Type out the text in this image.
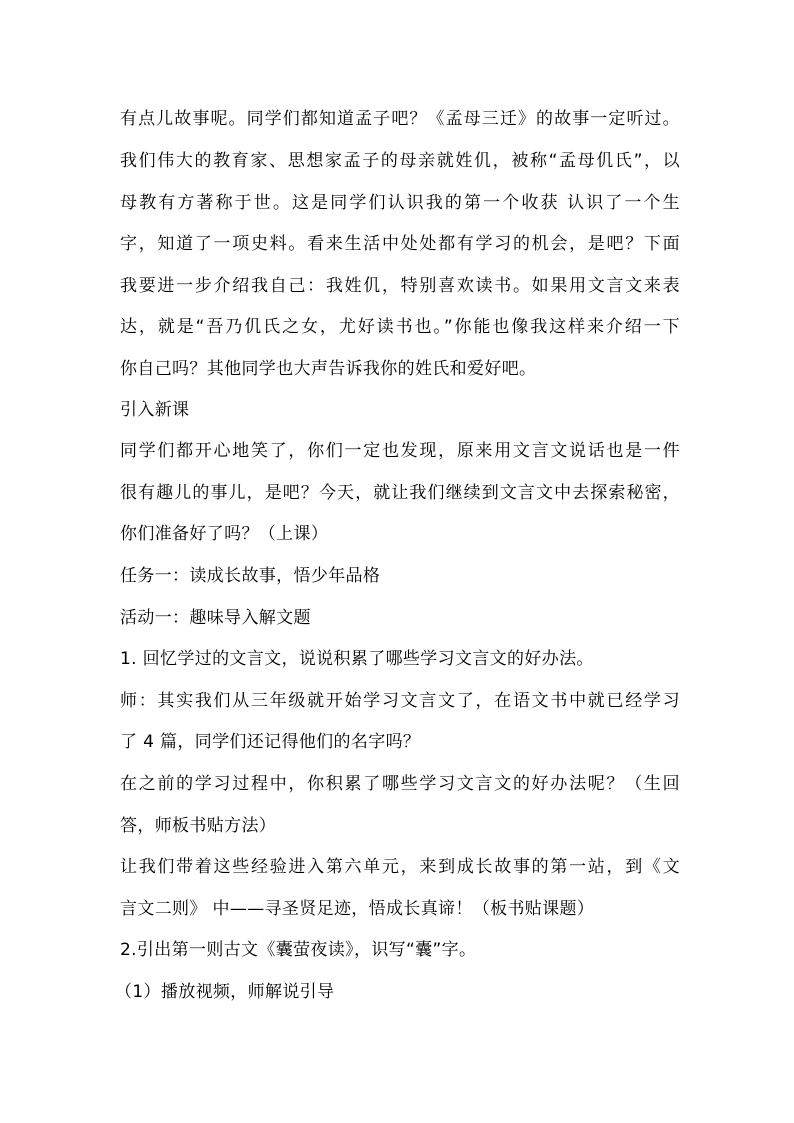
有点儿故事呢。同学们都知道孟子吧？《孟母三迁》的故事一定听过。
我们伟大的教育家、思想家孟子的母亲就姓仉，被称“孟母仉氏”，以
母教有方著称于世。这是同学们认识我的第一个收获 认识了一个生
字，知道了一项史料。看来生活中处处都有学习的机会，是吧？下面
我要进一步介绍我自己：我姓仉，特别喜欢读书。如果用文言文来表
达，就是“吾乃仉氏之女，尤好读书也。”你能也像我这样来介绍一下
你自己吗？其他同学也大声告诉我你的姓氏和爱好吧。
引入新课
同学们都开心地笑了，你们一定也发现，原来用文言文说话也是一件
很有趣儿的事儿，是吧？今天，就让我们继续到文言文中去探索秘密，
你们准备好了吗？（上课）
任务一：读成长故事，悟少年品格
活动一：趣味导入解文题
1. 回忆学过的文言文，说说积累了哪些学习文言文的好办法。
师：其实我们从三年级就开始学习文言文了，在语文书中就已经学习
了 4 篇，同学们还记得他们的名字吗？
在之前的学习过程中，你积累了哪些学习文言文的好办法呢？（生回
答，师板书贴方法）
让我们带着这些经验进入第六单元，来到成长故事的第一站，到《文
言文二则》 中——寻圣贤足迹，悟成长真谛！（板书贴课题）
2.引出第一则古文《囊萤夜读》，识写“囊”字。
（1）播放视频，师解说引导
